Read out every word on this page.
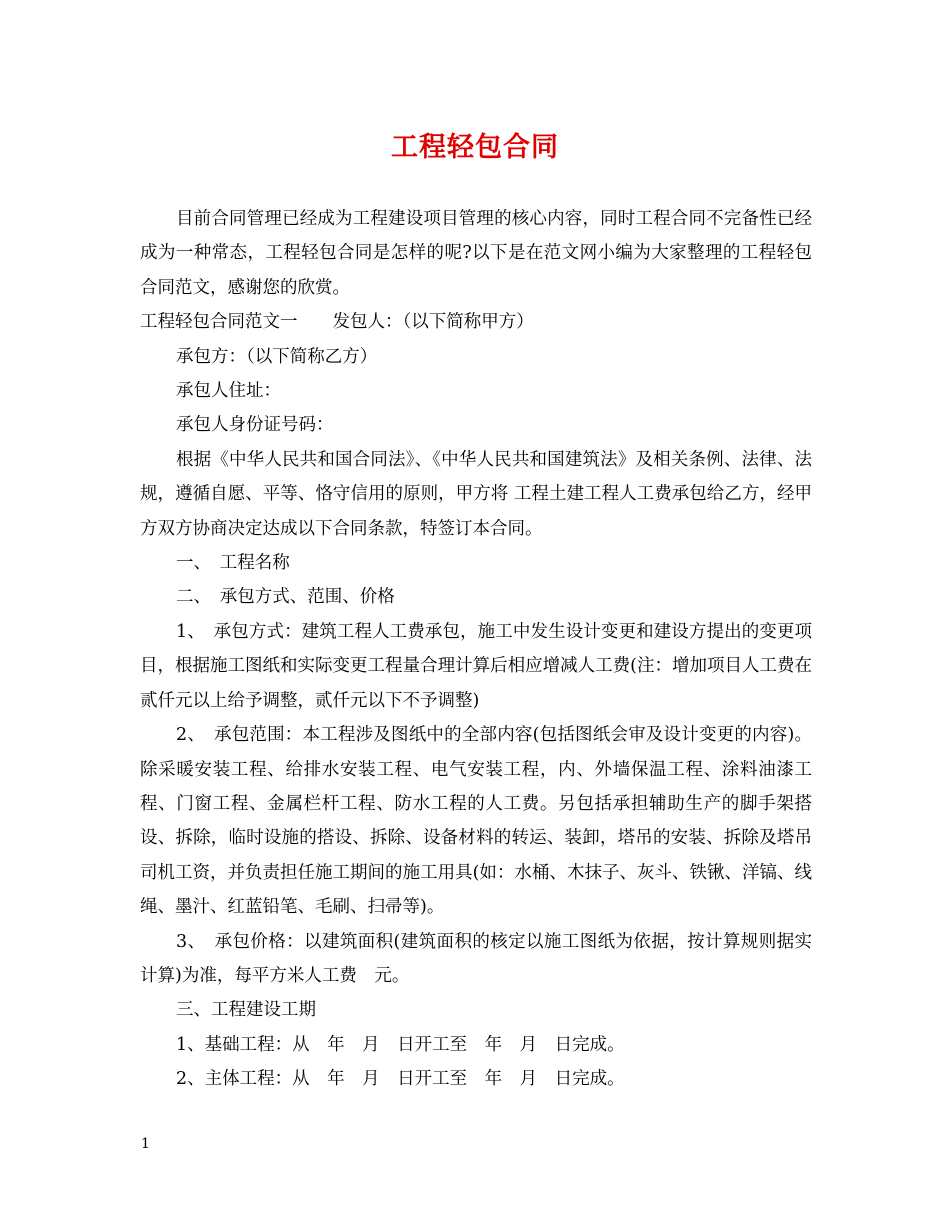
工程轻包合同

目前合同管理已经成为工程建设项目管理的核心内容，同时工程合同不完备性已经成为一种常态，工程轻包合同是怎样的呢?以下是在范文网小编为大家整理的工程轻包合同范文，感谢您的欣赏。

工程轻包合同范文一　　发包人：（以下简称甲方）

承包方：（以下简称乙方）

承包人住址：

承包人身份证号码：

根据《中华人民共和国合同法》、《中华人民共和国建筑法》及相关条例、法律、法规，遵循自愿、平等、恪守信用的原则，甲方将 工程土建工程人工费承包给乙方，经甲方双方协商决定达成以下合同条款，特签订本合同。

一、　工程名称

二、　承包方式、范围、价格

1、　承包方式：建筑工程人工费承包，施工中发生设计变更和建设方提出的变更项目，根据施工图纸和实际变更工程量合理计算后相应增减人工费(注：增加项目人工费在贰仟元以上给予调整，贰仟元以下不予调整)

2、　承包范围：本工程涉及图纸中的全部内容(包括图纸会审及设计变更的内容)。除采暖安装工程、给排水安装工程、电气安装工程，内、外墙保温工程、涂料油漆工程、门窗工程、金属栏杆工程、防水工程的人工费。另包括承担辅助生产的脚手架搭设、拆除，临时设施的搭设、拆除、设备材料的转运、装卸，塔吊的安装、拆除及塔吊司机工资，并负责担任施工期间的施工用具(如：水桶、木抹子、灰斗、铁锹、洋镐、线绳、墨汁、红蓝铅笔、毛刷、扫帚等)。

3、　承包价格：以建筑面积(建筑面积的核定以施工图纸为依据，按计算规则据实计算)为准，每平方米人工费　元。

三、工程建设工期

1、基础工程：从　年　月　日开工至　年　月　日完成。

2、主体工程：从　年　月　日开工至　年　月　日完成。

1
